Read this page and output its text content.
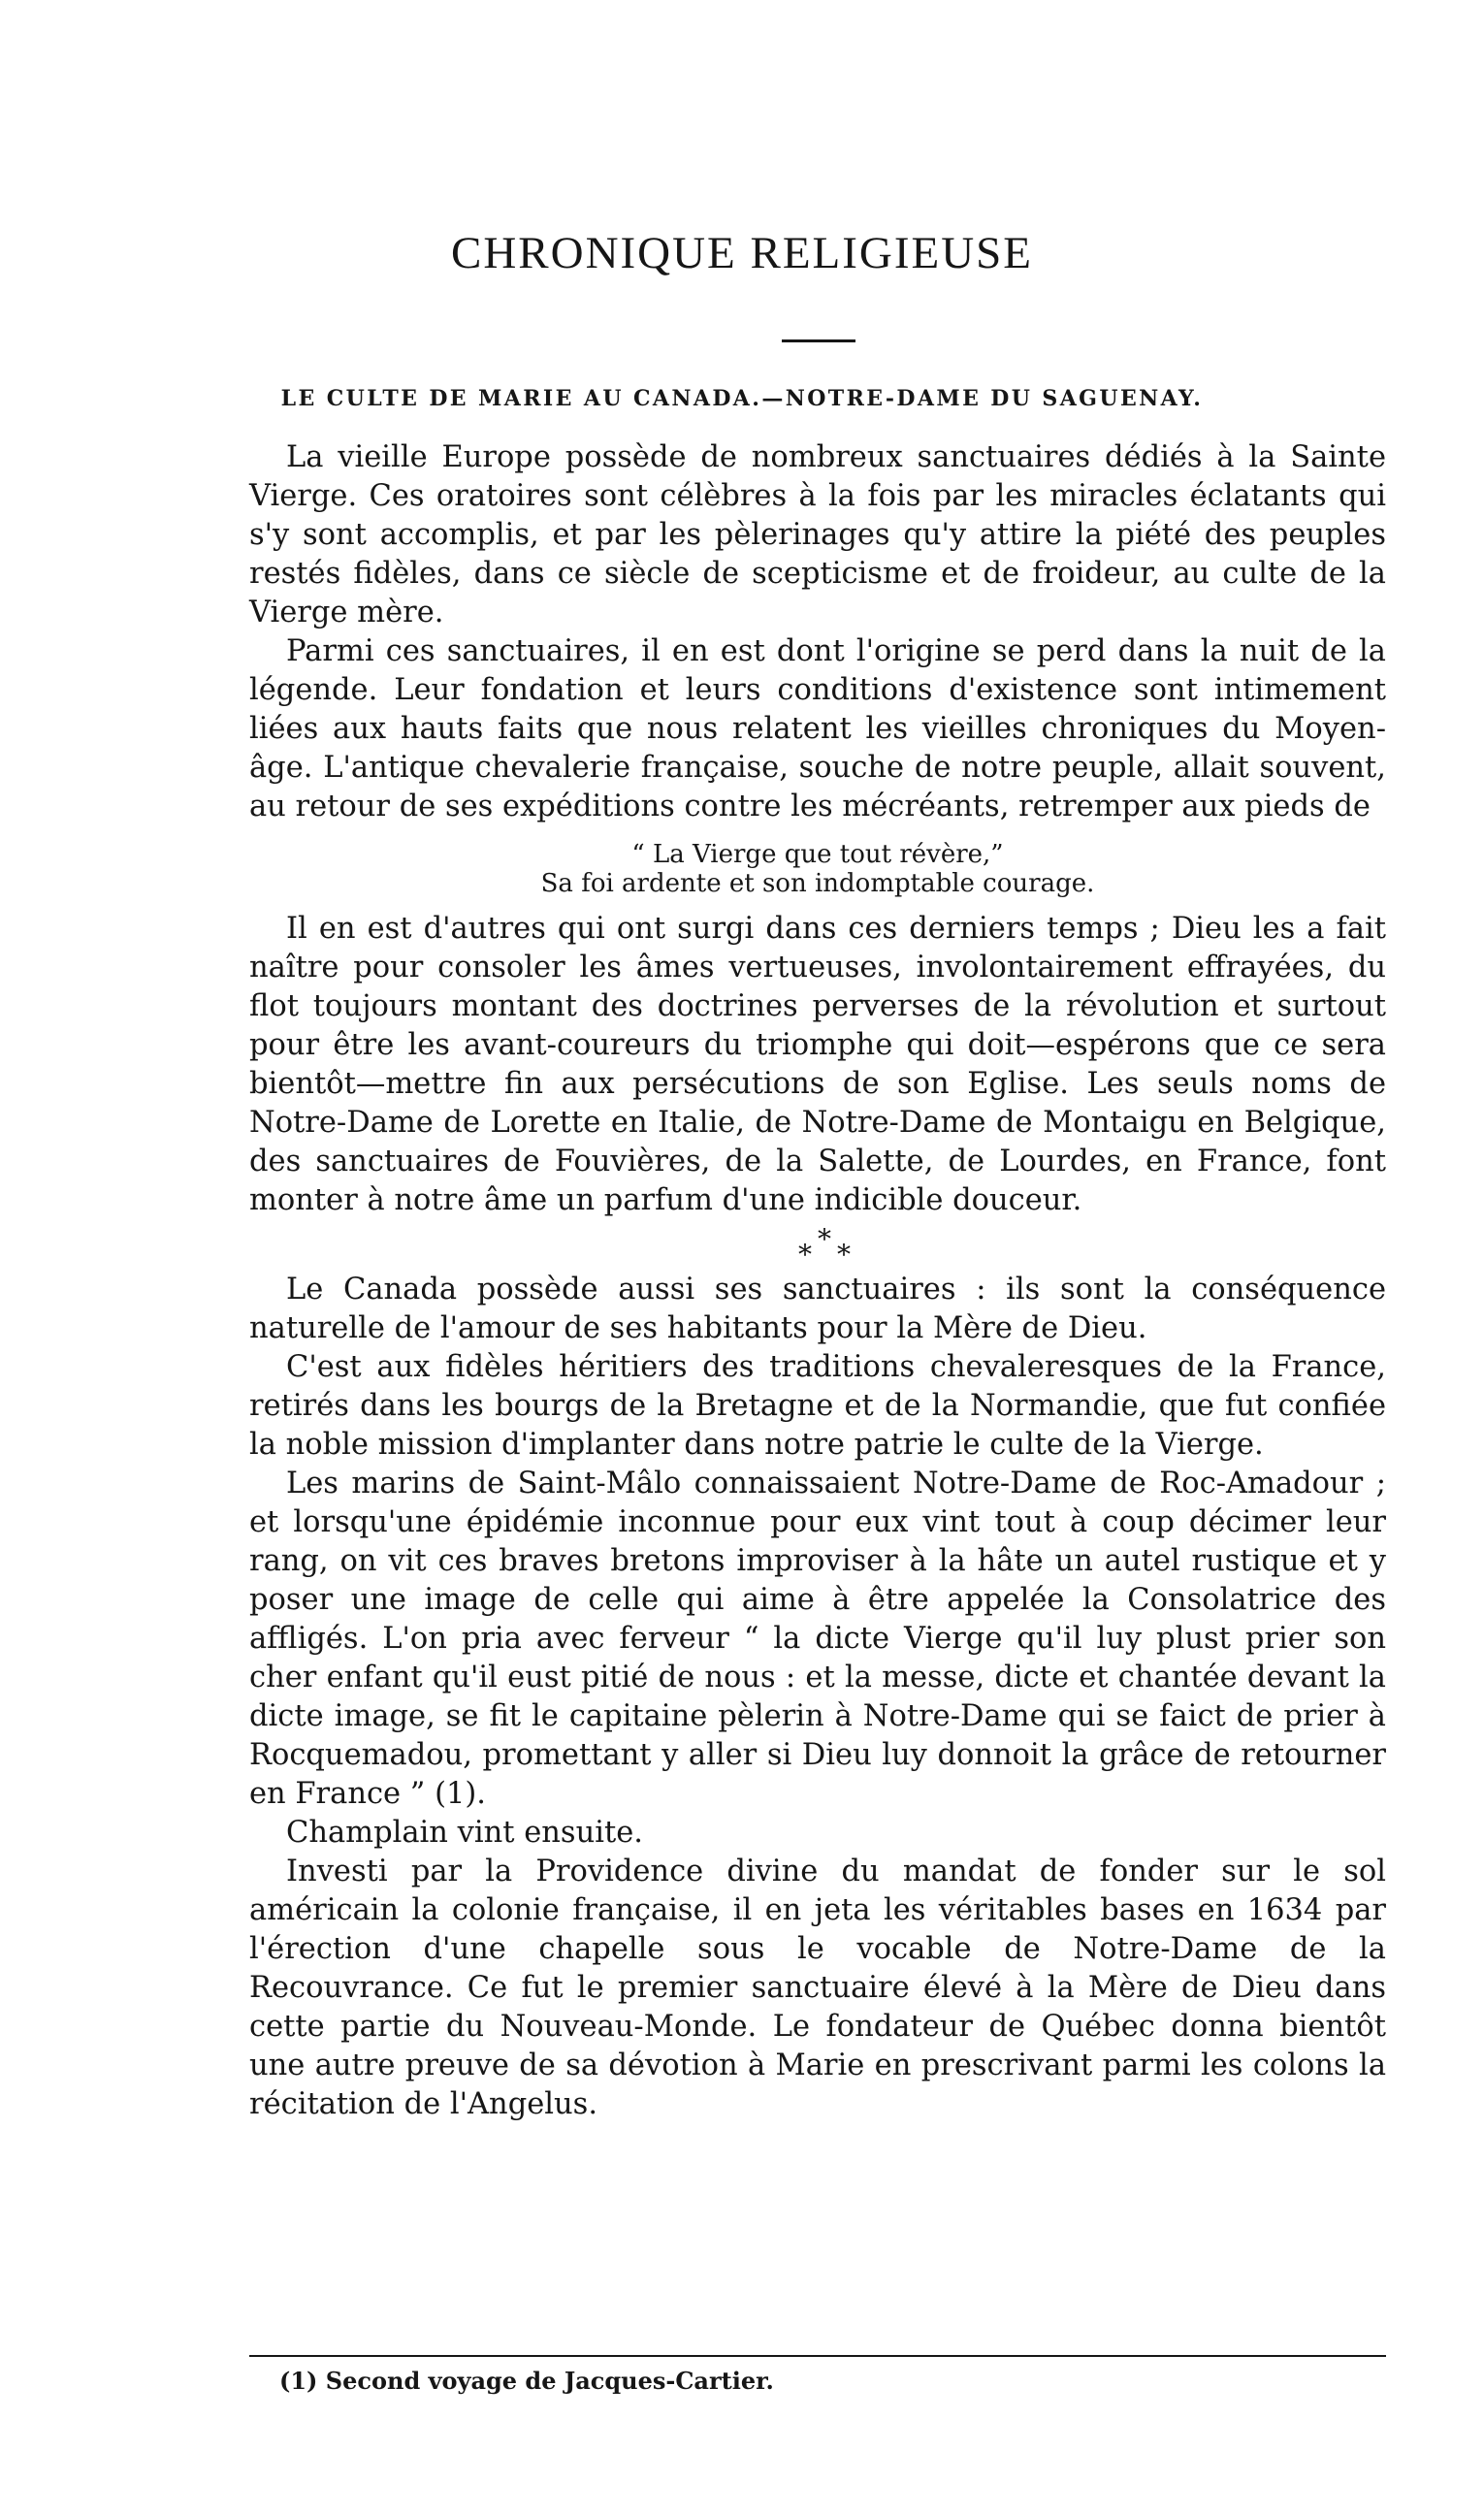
CHRONIQUE RELIGIEUSE
LE CULTE DE MARIE AU CANADA.—NOTRE-DAME DU SAGUENAY.

La vieille Europe possède de nombreux sanctuaires dédiés à la Sainte Vierge. Ces oratoires sont célèbres à la fois par les miracles éclatants qui s'y sont accomplis, et par les pèlerinages qu'y attire la piété des peuples restés fidèles, dans ce siècle de scepticisme et de froideur, au culte de la Vierge mère.

Parmi ces sanctuaires, il en est dont l'origine se perd dans la nuit de la légende. Leur fondation et leurs conditions d'existence sont intimement liées aux hauts faits que nous relatent les vieilles chroniques du Moyen-âge. L'antique chevalerie française, souche de notre peuple, allait souvent, au retour de ses expéditions contre les mécréants, retremper aux pieds de

“ La Vierge que tout révère,”
Sa foi ardente et son indomptable courage.

Il en est d'autres qui ont surgi dans ces derniers temps ; Dieu les a fait naître pour consoler les âmes vertueuses, involontairement effrayées, du flot toujours montant des doctrines perverses de la révolution et surtout pour être les avant-coureurs du triomphe qui doit—espérons que ce sera bientôt—mettre fin aux persécutions de son Eglise. Les seuls noms de Notre-Dame de Lorette en Italie, de Notre-Dame de Montaigu en Belgique, des sanctuaires de Fouvières, de la Salette, de Lourdes, en France, font monter à notre âme un parfum d'une indicible douceur.

*
* *

Le Canada possède aussi ses sanctuaires : ils sont la conséquence naturelle de l'amour de ses habitants pour la Mère de Dieu.

C'est aux fidèles héritiers des traditions chevaleresques de la France, retirés dans les bourgs de la Bretagne et de la Normandie, que fut confiée la noble mission d'implanter dans notre patrie le culte de la Vierge.

Les marins de Saint-Mâlo connaissaient Notre-Dame de Roc-Amadour ; et lorsqu'une épidémie inconnue pour eux vint tout à coup décimer leur rang, on vit ces braves bretons improviser à la hâte un autel rustique et y poser une image de celle qui aime à être appelée la Consolatrice des affligés. L'on pria avec ferveur “ la dicte Vierge qu'il luy plust prier son cher enfant qu'il eust pitié de nous : et la messe, dicte et chantée devant la dicte image, se fit le capitaine pèlerin à Notre-Dame qui se faict de prier à Rocquemadou, promettant y aller si Dieu luy donnoit la grâce de retourner en France ” (1).

Champlain vint ensuite.

Investi par la Providence divine du mandat de fonder sur le sol américain la colonie française, il en jeta les véritables bases en 1634 par l'érection d'une chapelle sous le vocable de Notre-Dame de la Recouvrance. Ce fut le premier sanctuaire élevé à la Mère de Dieu dans cette partie du Nouveau-Monde. Le fondateur de Québec donna bientôt une autre preuve de sa dévotion à Marie en prescrivant parmi les colons la récitation de l'Angelus.

(1) Second voyage de Jacques-Cartier.
